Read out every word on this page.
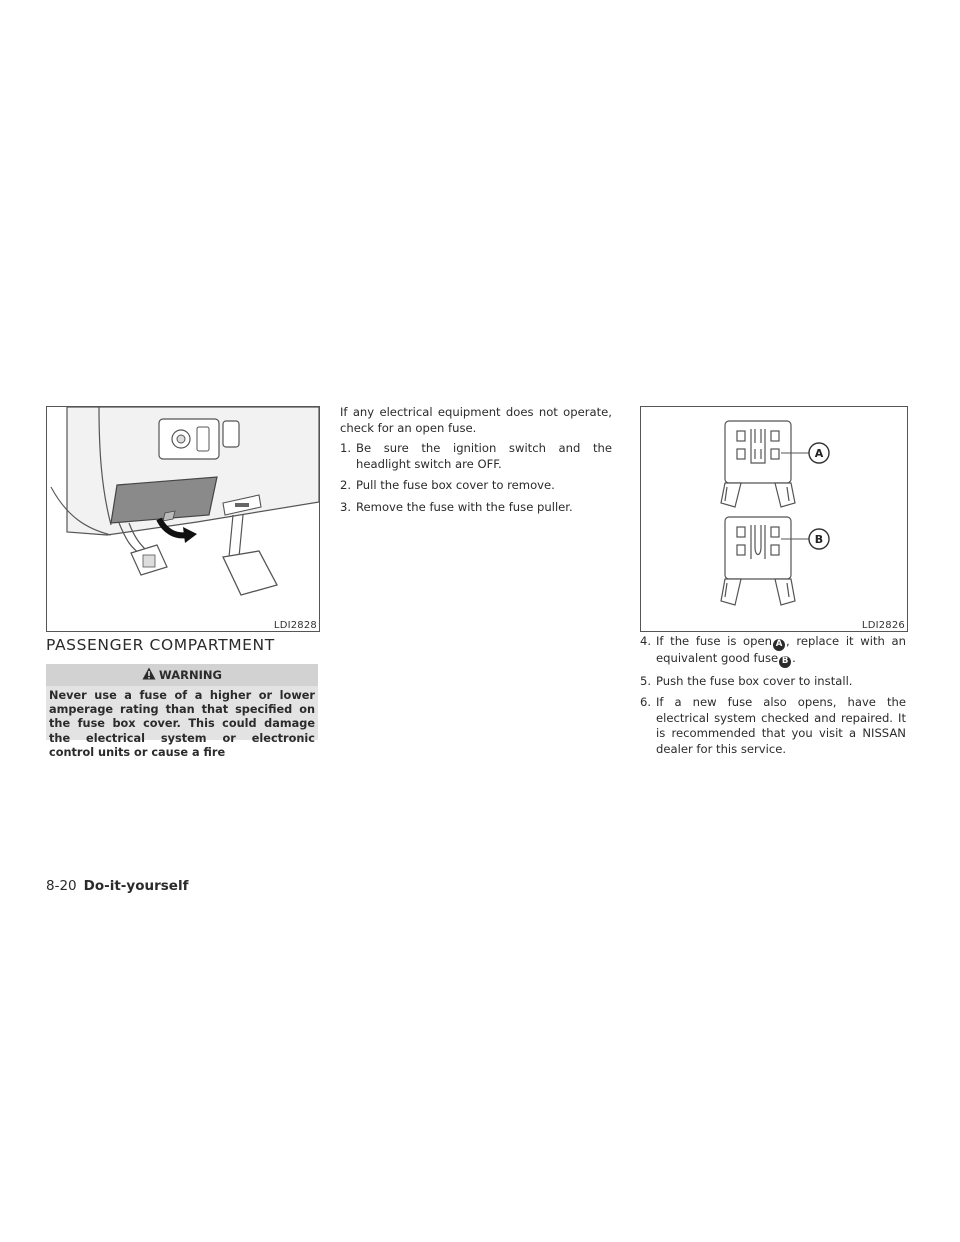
LDI2828
PASSENGER COMPARTMENT
WARNING
Never use a fuse of a higher or lower amperage rating than that specified on the fuse box cover. This could damage the electrical system or electronic control units or cause a fire
If any electrical equipment does not operate, check for an open fuse.
1. Be sure the ignition switch and the headlight switch are OFF.
2. Pull the fuse box cover to remove.
3. Remove the fuse with the fuse puller.
A
B
LDI2826
4. If the fuse is open A , replace it with an equivalent good fuse B .
5. Push the fuse box cover to install.
6. If a new fuse also opens, have the electrical system checked and repaired. It is recommended that you visit a NISSAN dealer for this service.
8-20 Do-it-yourself
